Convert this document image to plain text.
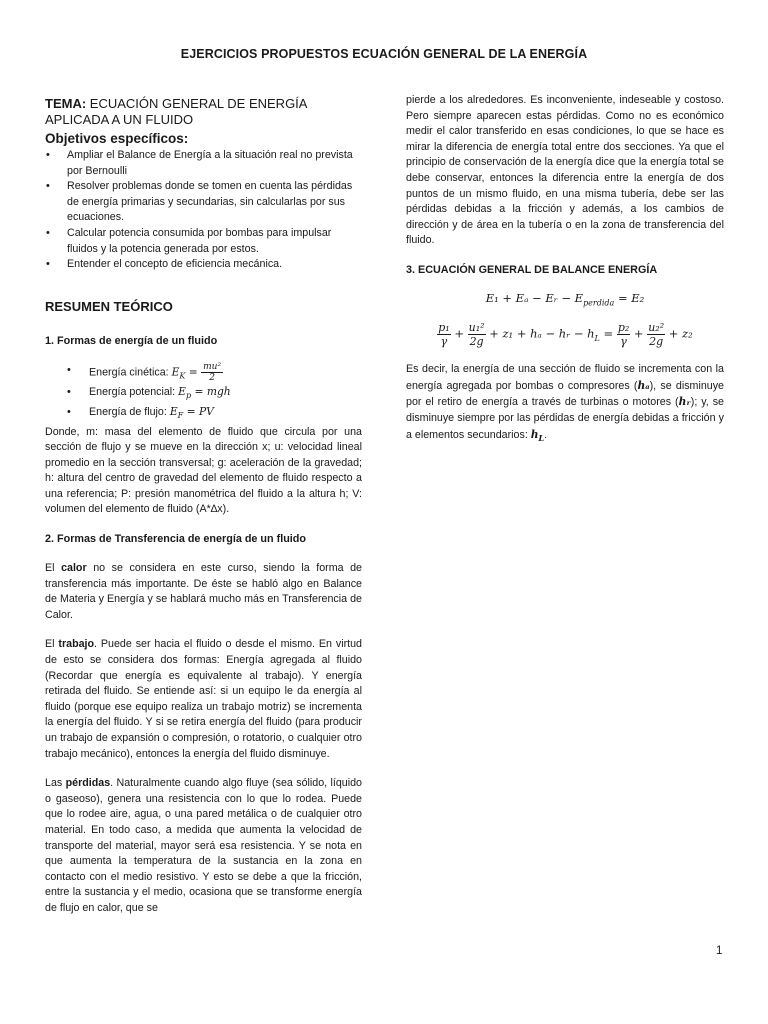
EJERCICIOS PROPUESTOS ECUACIÓN GENERAL DE LA ENERGÍA

TEMA: ECUACIÓN GENERAL DE ENERGÍA APLICADA A UN FLUIDO

Objetivos específicos:
• Ampliar el Balance de Energía a la situación real no prevista por Bernoulli
• Resolver problemas donde se tomen en cuenta las pérdidas de energía primarias y secundarias, sin calcularlas por sus ecuaciones.
• Calcular potencia consumida por bombas para impulsar fluidos y la potencia generada por estos.
• Entender el concepto de eficiencia mecánica.
RESUMEN TEÓRICO
1. Formas de energía de un fluido
• Energía cinética: $E_K = \frac{\text{mu²}}{2}$
• Energía potencial: $E_p$ = mgh
• Energía de flujo: $E_F$ = PV

Donde, m: masa del elemento de fluido que circula por una sección de flujo y se mueve en la dirección x; u: velocidad lineal promedio en la sección transversal; g: aceleración de la gravedad; h: altura del centro de gravedad del elemento de fluido respecto a una referencia; P: presión manométrica del fluido a la altura h; V: volumen del elemento de fluido (A*∆x).

2. Formas de Transferencia de energía de un fluido

El calor no se considera en este curso, siendo la forma de transferencia más importante. De éste se habló algo en Balance de Materia y Energía y se hablará mucho más en Transferencia de Calor.

El trabajo. Puede ser hacia el fluido o desde el mismo. En virtud de esto se considera dos formas: Energía agregada al fluido (Recordar que energía es equivalente al trabajo). Y energía retirada del fluido. Se entiende así: si un equipo le da energía al fluido (porque ese equipo realiza un trabajo motriz) se incrementa la energía del fluido. Y si se retira energía del fluido (para producir un trabajo de expansión o compresión, o rotatorio, o cualquier otro trabajo mecánico), entonces la energía del fluido disminuye.

Las pérdidas. Naturalmente cuando algo fluye (sea sólido, líquido o gaseoso), genera una resistencia con lo que lo rodea. Puede que lo rodee aire, agua, o una pared metálica o de cualquier otro material. En todo caso, a medida que aumenta la velocidad de transporte del material, mayor será esa resistencia. Y se nota en que aumenta la temperatura de la sustancia en la zona en contacto con el medio resistivo. Y esto se debe a que la fricción, entre la sustancia y el medio, ocasiona que se transforme energía de flujo en calor, que se

pierde a los alrededores. Es inconveniente, indeseable y costoso. Pero siempre aparecen estas pérdidas. Como no es económico medir el calor transferido en esas condiciones, lo que se hace es mirar la diferencia de energía total entre dos secciones. Ya que el principio de conservación de la energía dice que la energía total se debe conservar, entonces la diferencia entre la energía de dos puntos de un mismo fluido, en una misma tubería, debe ser las pérdidas debidas a la fricción y además, a los cambios de dirección y de área en la tubería o en la zona de transferencia del fluido.

3. ECUACIÓN GENERAL DE BALANCE ENERGÍA
E₁ + Eₐ − Eᵣ − $E_{perdida} = E_2$
$\frac{\text{p₁}}{\gamma} + \frac{\text{u₁²}}{2g} + z_1 + h_a$ − hᵣ − $h_L = \frac{\text{p₂}}{\gamma} + \frac{\text{u₂²}}{2g} + z_2$

Es decir, la energía de una sección de fluido se incrementa con la energía agregada por bombas o compresores (hₐ), se disminuye por el retiro de energía a través de turbinas o motores (hᵣ); y, se disminuye siempre por las pérdidas de energía debidas a fricción y a elementos secundarios: $h_L$.

1
